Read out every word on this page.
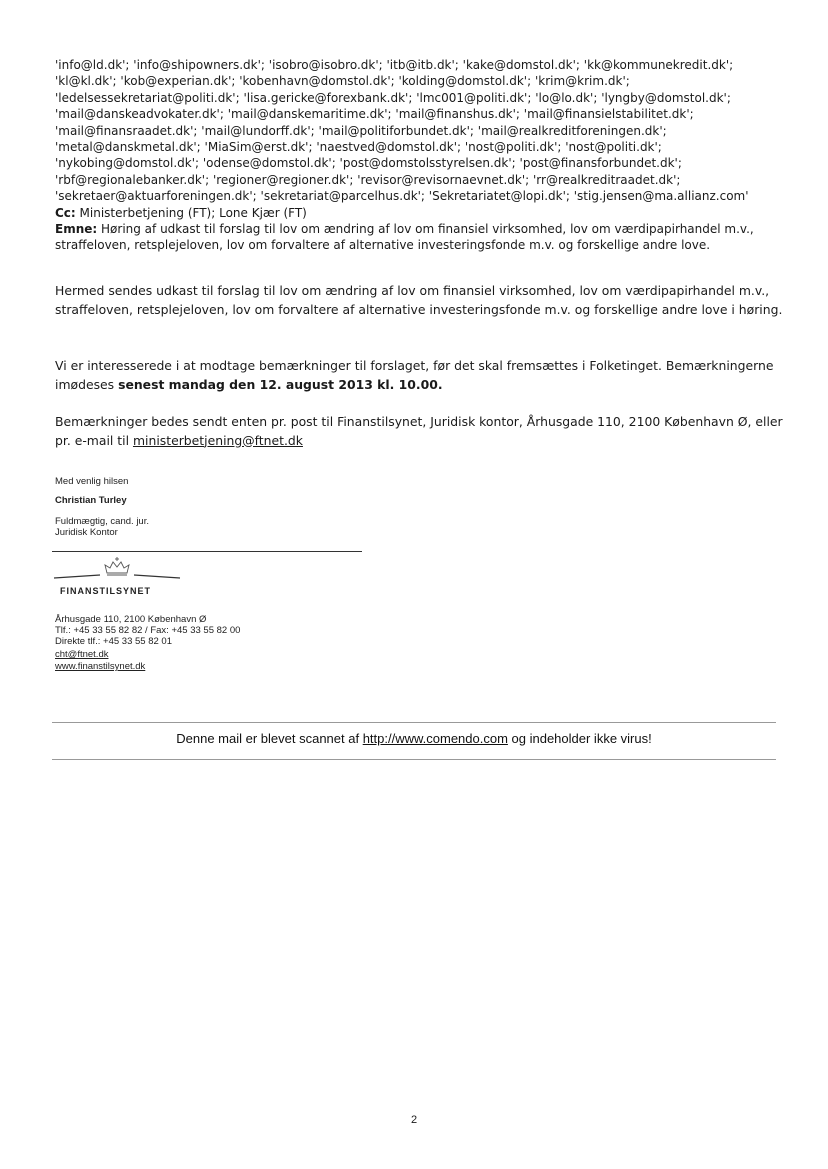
'info@ld.dk'; 'info@shipowners.dk'; 'isobro@isobro.dk'; 'itb@itb.dk'; 'kake@domstol.dk'; 'kk@kommunekredit.dk';
'kl@kl.dk'; 'kob@experian.dk'; 'kobenhavn@domstol.dk'; 'kolding@domstol.dk'; 'krim@krim.dk';
'ledelsessekretariat@politi.dk'; 'lisa.gericke@forexbank.dk'; 'lmc001@politi.dk'; 'lo@lo.dk'; 'lyngby@domstol.dk';
'mail@danskeadvokater.dk'; 'mail@danskemaritime.dk'; 'mail@finanshus.dk'; 'mail@finansielstabilitet.dk';
'mail@finansraadet.dk'; 'mail@lundorff.dk'; 'mail@politiforbundet.dk'; 'mail@realkreditforeningen.dk';
'metal@danskmetal.dk'; 'MiaSim@erst.dk'; 'naestved@domstol.dk'; 'nost@politi.dk'; 'nost@politi.dk';
'nykobing@domstol.dk'; 'odense@domstol.dk'; 'post@domstolsstyrelsen.dk'; 'post@finansforbundet.dk';
'rbf@regionalebanker.dk'; 'regioner@regioner.dk'; 'revisor@revisornaevnet.dk'; 'rr@realkreditraadet.dk';
'sekretaer@aktuarforeningen.dk'; 'sekretariat@parcelhus.dk'; 'Sekretariatet@lopi.dk'; 'stig.jensen@ma.allianz.com'
Cc: Ministerbetjening (FT); Lone Kjær (FT)
Emne: Høring af udkast til forslag til lov om ændring af lov om finansiel virksomhed, lov om værdipapirhandel m.v., straffeloven, retsplejeloven, lov om forvaltere af alternative investeringsfonde m.v. og forskellige andre love.
Hermed sendes udkast til forslag til lov om ændring af lov om finansiel virksomhed, lov om værdipapirhandel m.v., straffeloven, retsplejeloven, lov om forvaltere af alternative investeringsfonde m.v. og forskellige andre love i høring.
Vi er interesserede i at modtage bemærkninger til forslaget, før det skal fremsættes i Folketinget. Bemærkningerne imødeses senest mandag den 12. august 2013 kl. 10.00.
Bemærkninger bedes sendt enten pr. post til Finanstilsynet, Juridisk kontor, Århusgade 110, 2100 København Ø, eller pr. e-mail til ministerbetjening@ftnet.dk
Med venlig hilsen
Christian Turley
Fuldmægtig, cand. jur.
Juridisk Kontor
FINANSTILSYNET
Århusgade 110, 2100 København Ø
Tlf.: +45 33 55 82 82 / Fax: +45 33 55 82 00
Direkte tlf.: +45 33 55 82 01
cht@ftnet.dk
www.finanstilsynet.dk
Denne mail er blevet scannet af http://www.comendo.com og indeholder ikke virus!
2
